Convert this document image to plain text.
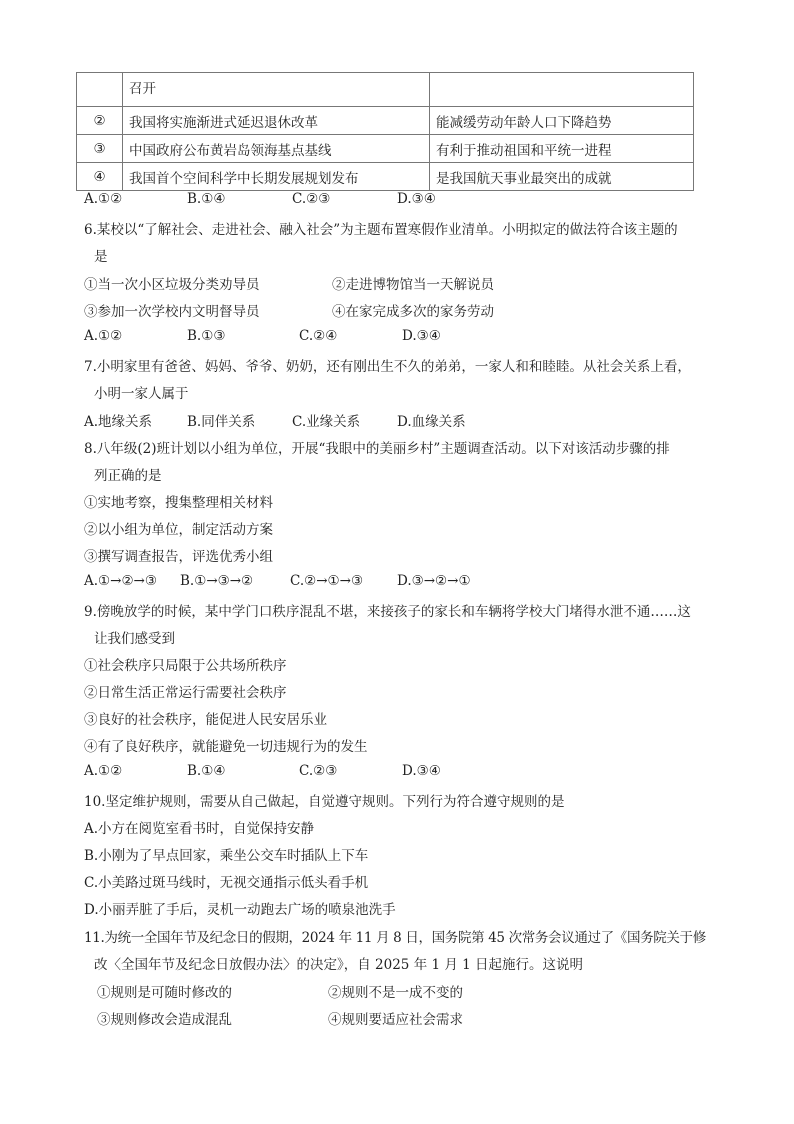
	召开	
②	我国将实施渐进式延迟退休改革	能减缓劳动年龄人口下降趋势
③	中国政府公布黄岩岛领海基点基线	有利于推动祖国和平统一进程
④	我国首个空间科学中长期发展规划发布	是我国航天事业最突出的成就
A.①②	B.①④	C.②③	D.③④
6.某校以“了解社会、走进社会、融入社会”为主题布置寒假作业清单。小明拟定的做法符合该主题的
是
①当一次小区垃圾分类劝导员	②走进博物馆当一天解说员
③参加一次学校内文明督导员	④在家完成多次的家务劳动
A.①②	B.①③	C.②④	D.③④
7.小明家里有爸爸、妈妈、爷爷、奶奶，还有刚出生不久的弟弟，一家人和和睦睦。从社会关系上看，
小明一家人属于
A.地缘关系	B.同伴关系	C.业缘关系	D.血缘关系
8.八年级(2)班计划以小组为单位，开展“我眼中的美丽乡村”主题调查活动。以下对该活动步骤的排
列正确的是
①实地考察，搜集整理相关材料
②以小组为单位，制定活动方案
③撰写调查报告，评选优秀小组
A.①→②→③ B.①→③→②	C.②→①→③	D.③→②→①
9.傍晚放学的时候，某中学门口秩序混乱不堪，来接孩子的家长和车辆将学校大门堵得水泄不通……这
让我们感受到
①社会秩序只局限于公共场所秩序
②日常生活正常运行需要社会秩序
③良好的社会秩序，能促进人民安居乐业
④有了良好秩序，就能避免一切违规行为的发生
A.①②	B.①④	C.②③	D.③④
10.坚定维护规则，需要从自己做起，自觉遵守规则。下列行为符合遵守规则的是
A.小方在阅览室看书时，自觉保持安静
B.小刚为了早点回家，乘坐公交车时插队上下车
C.小美路过斑马线时，无视交通指示低头看手机
D.小丽弄脏了手后，灵机一动跑去广场的喷泉池洗手
11.为统一全国年节及纪念日的假期，2024 年 11 月 8 日，国务院第 45 次常务会议通过了《国务院关于修
改〈全国年节及纪念日放假办法〉的决定》，自 2025 年 1 月 1 日起施行。这说明
①规则是可随时修改的	②规则不是一成不变的
③规则修改会造成混乱	④规则要适应社会需求
